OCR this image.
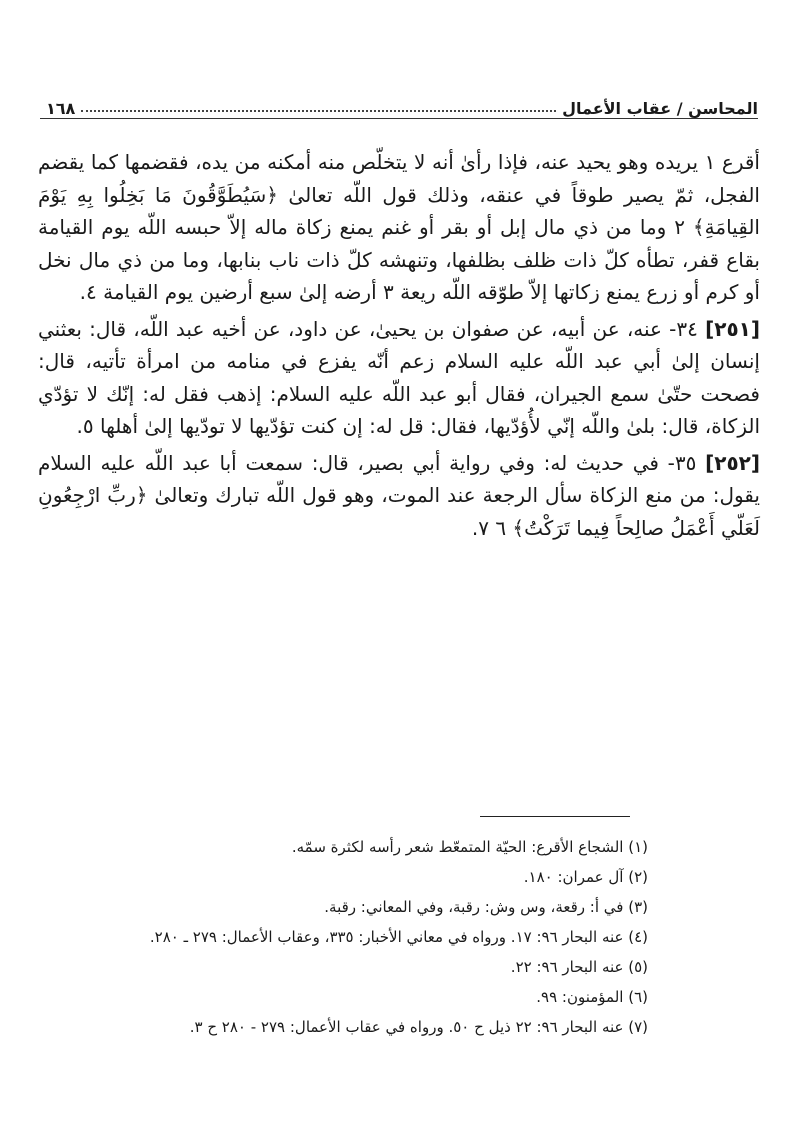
١٦٨	المحاسن / عقاب الأعمال

أقرع ١ يريده وهو يحيد عنه، فإذا رأىٰ أنه لا يتخلّص منه أمكنه من يده، فقضمها كما يقضم الفجل، ثمّ يصير طوقاً في عنقه، وذلك قول اللّه تعالىٰ ﴿سَيُطَوَّقُونَ مَا بَخِلُوا بِهِ يَوْمَ القِيامَةِ﴾ ٢ وما من ذي مال إبل أو بقر أو غنم يمنع زكاة ماله إلاّ حبسه اللّه يوم القيامة بقاع قفر، تطأه كلّ ذات ظلف بظلفها، وتنهشه كلّ ذات ناب بنابها، وما من ذي مال نخل أو كرم أو زرع يمنع زكاتها إلاّ طوّقه اللّه ريعة ٣ أرضه إلىٰ سبع أرضين يوم القيامة ٤.

[٢٥١] ٣٤- عنه، عن أبيه، عن صفوان بن يحيىٰ، عن داود، عن أخيه عبد اللّه، قال: بعثني إنسان إلىٰ أبي عبد اللّه عليه السلام زعم أنّه يفزع في منامه من امرأة تأتيه، قال: فصحت حتّىٰ سمع الجيران، فقال أبو عبد اللّه عليه السلام: إذهب فقل له: إنّك لا تؤدّي الزكاة، قال: بلىٰ واللّه إنّي لأُؤدّيها، فقال: قل له: إن كنت تؤدّيها لا تودّيها إلىٰ أهلها ٥.

[٢٥٢] ٣٥- في حديث له: وفي رواية أبي بصير، قال: سمعت أبا عبد اللّه عليه السلام يقول: من منع الزكاة سأل الرجعة عند الموت، وهو قول اللّه تبارك وتعالىٰ ﴿ربِّ ارْجِعُونِ لَعَلّي أَعْمَلُ صالِحاً فِيما تَرَكْتُ﴾ ٦ ٧.

(١) الشجاع الأقرع: الحيّة المتمعّط شعر رأسه لكثرة سمّه.
(٢) آل عمران: ١٨٠.
(٣) في أ: رقعة، وس وش: رقبة، وفي المعاني: رقبة.
(٤) عنه البحار ٩٦: ١٧. ورواه في معاني الأخبار: ٣٣٥، وعقاب الأعمال: ٢٧٩ ـ ٢٨٠.
(٥) عنه البحار ٩٦: ٢٢.
(٦) المؤمنون: ٩٩.
(٧) عنه البحار ٩٦: ٢٢ ذيل ح ٥٠. ورواه في عقاب الأعمال: ٢٧٩ - ٢٨٠ ح ٣.
